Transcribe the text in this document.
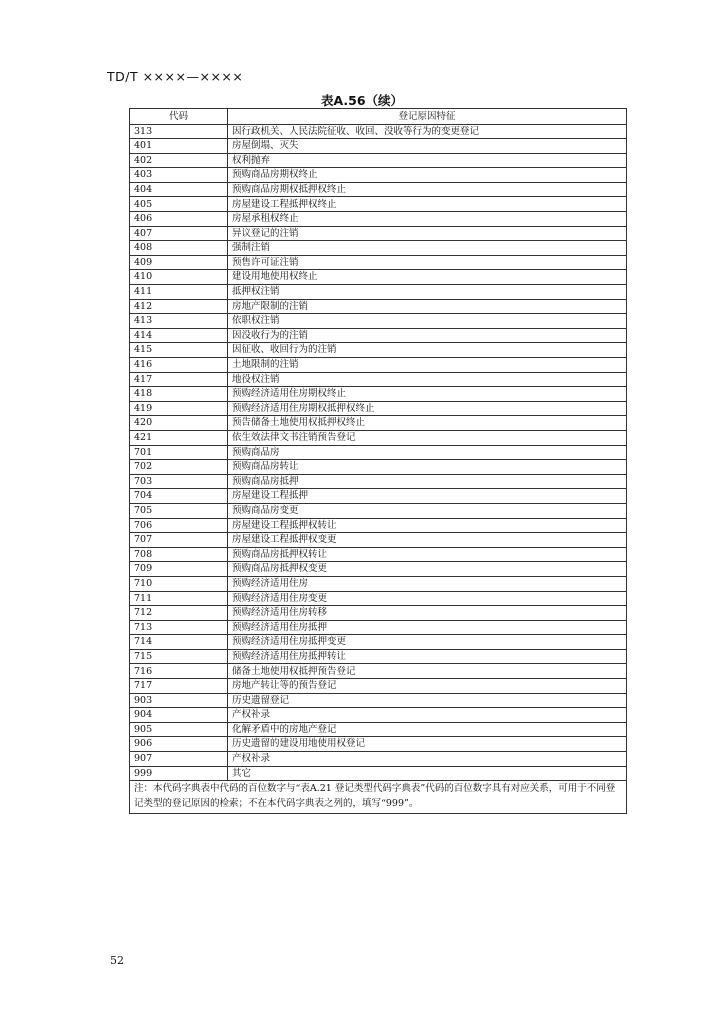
TD/T ××××—××××
表A.56（续）
代码	登记原因特征
313	因行政机关、人民法院征收、收回、没收等行为的变更登记
401	房屋倒塌、灭失
402	权利抛弃
403	预购商品房期权终止
404	预购商品房期权抵押权终止
405	房屋建设工程抵押权终止
406	房屋承租权终止
407	异议登记的注销
408	强制注销
409	预售许可证注销
410	建设用地使用权终止
411	抵押权注销
412	房地产限制的注销
413	依职权注销
414	因没收行为的注销
415	因征收、收回行为的注销
416	土地限制的注销
417	地役权注销
418	预购经济适用住房期权终止
419	预购经济适用住房期权抵押权终止
420	预告储备土地使用权抵押权终止
421	依生效法律文书注销预告登记
701	预购商品房
702	预购商品房转让
703	预购商品房抵押
704	房屋建设工程抵押
705	预购商品房变更
706	房屋建设工程抵押权转让
707	房屋建设工程抵押权变更
708	预购商品房抵押权转让
709	预购商品房抵押权变更
710	预购经济适用住房
711	预购经济适用住房变更
712	预购经济适用住房转移
713	预购经济适用住房抵押
714	预购经济适用住房抵押变更
715	预购经济适用住房抵押转让
716	储备土地使用权抵押预告登记
717	房地产转让等的预告登记
903	历史遗留登记
904	产权补录
905	化解矛盾中的房地产登记
906	历史遗留的建设用地使用权登记
907	产权补录
999	其它
注：本代码字典表中代码的百位数字与“表A.21 登记类型代码字典表”代码的百位数字具有对应关系，可用于不同登记类型的登记原因的检索；不在本代码字典表之列的，填写“999”。	
52
